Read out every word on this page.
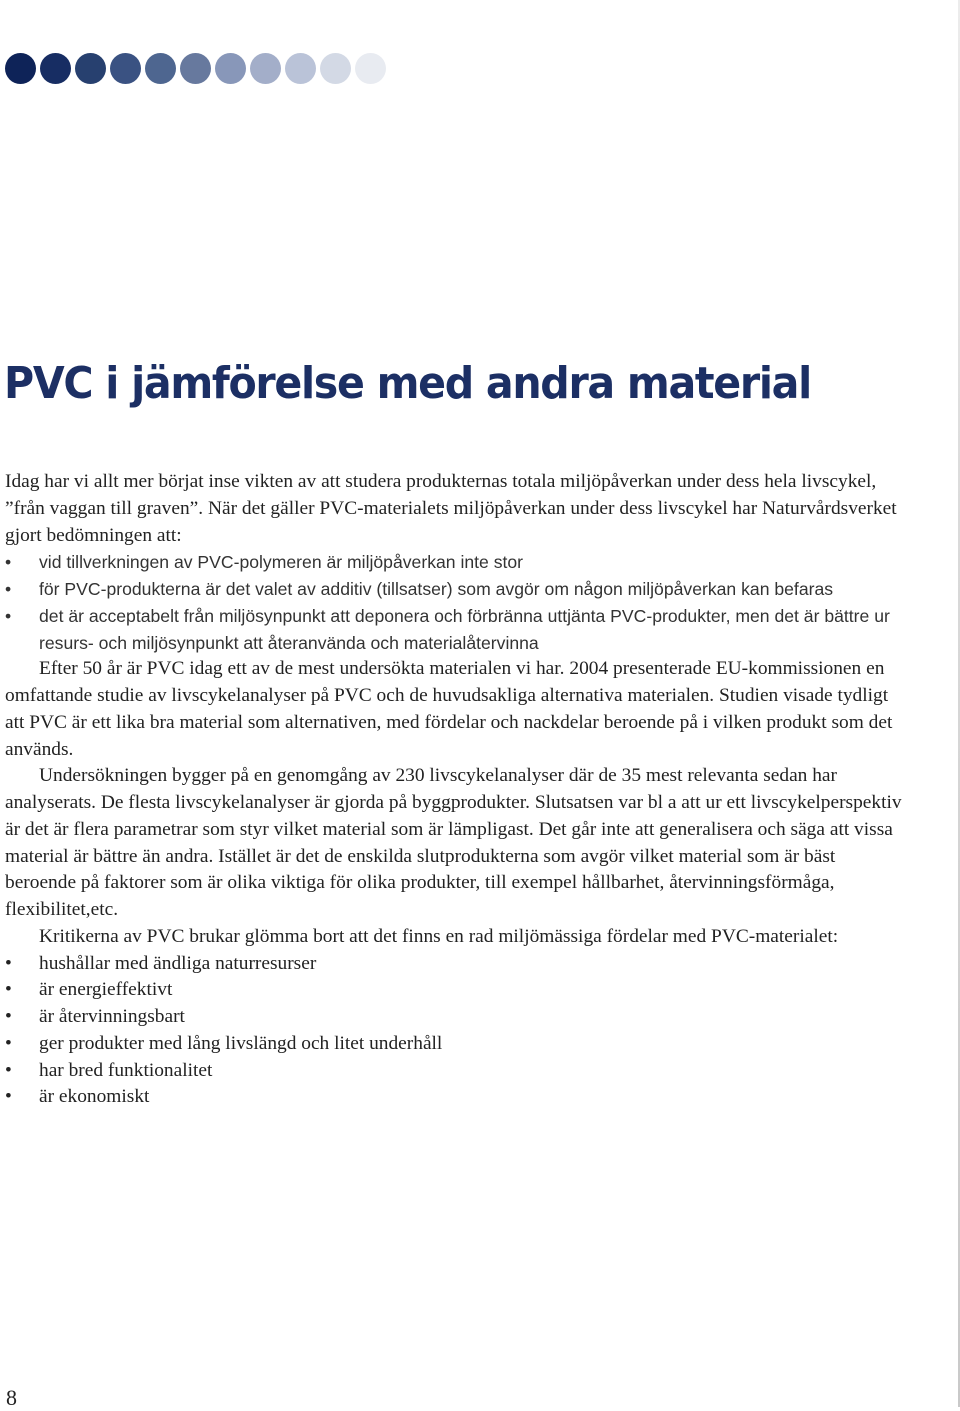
PVC i jämförelse med andra material

Idag har vi allt mer börjat inse vikten av att studera produkternas totala miljöpåverkan under dess hela livscykel, ”från vaggan till graven”. När det gäller PVC-materialets miljöpåverkan under dess livscykel har Naturvårdsverket gjort bedömningen att:

• vid tillverkningen av PVC-polymeren är miljöpåverkan inte stor
• för PVC-produkterna är det valet av additiv (tillsatser) som avgör om någon miljöpåverkan kan befaras
• det är acceptabelt från miljösynpunkt att deponera och förbränna uttjänta PVC-produkter, men det är bättre ur resurs- och miljösynpunkt att återanvända och materialåtervinna

Efter 50 år är PVC idag ett av de mest undersökta materialen vi har. 2004 presenterade EU-kommissionen en omfattande studie av livscykelanalyser på PVC och de huvudsakliga alternativa materialen. Studien visade tydligt att PVC är ett lika bra material som alternativen, med fördelar och nackdelar beroende på i vilken produkt som det används.

Undersökningen bygger på en genomgång av 230 livscykelanalyser där de 35 mest relevanta sedan har analyserats. De flesta livscykelanalyser är gjorda på byggprodukter. Slutsatsen var bl a att ur ett livscykelperspektiv är det är flera parametrar som styr vilket material som är lämpligast. Det går inte att generalisera och säga att vissa material är bättre än andra. Istället är det de enskilda slutprodukterna som avgör vilket material som är bäst beroende på faktorer som är olika viktiga för olika produkter, till exempel hållbarhet, återvinningsförmåga, flexibilitet,etc.

Kritikerna av PVC brukar glömma bort att det finns en rad miljömässiga fördelar med PVC-materialet:

• hushållar med ändliga naturresurser
• är energieffektivt
• är återvinningsbart
• ger produkter med lång livslängd och litet underhåll
• har bred funktionalitet
• är ekonomiskt
8
